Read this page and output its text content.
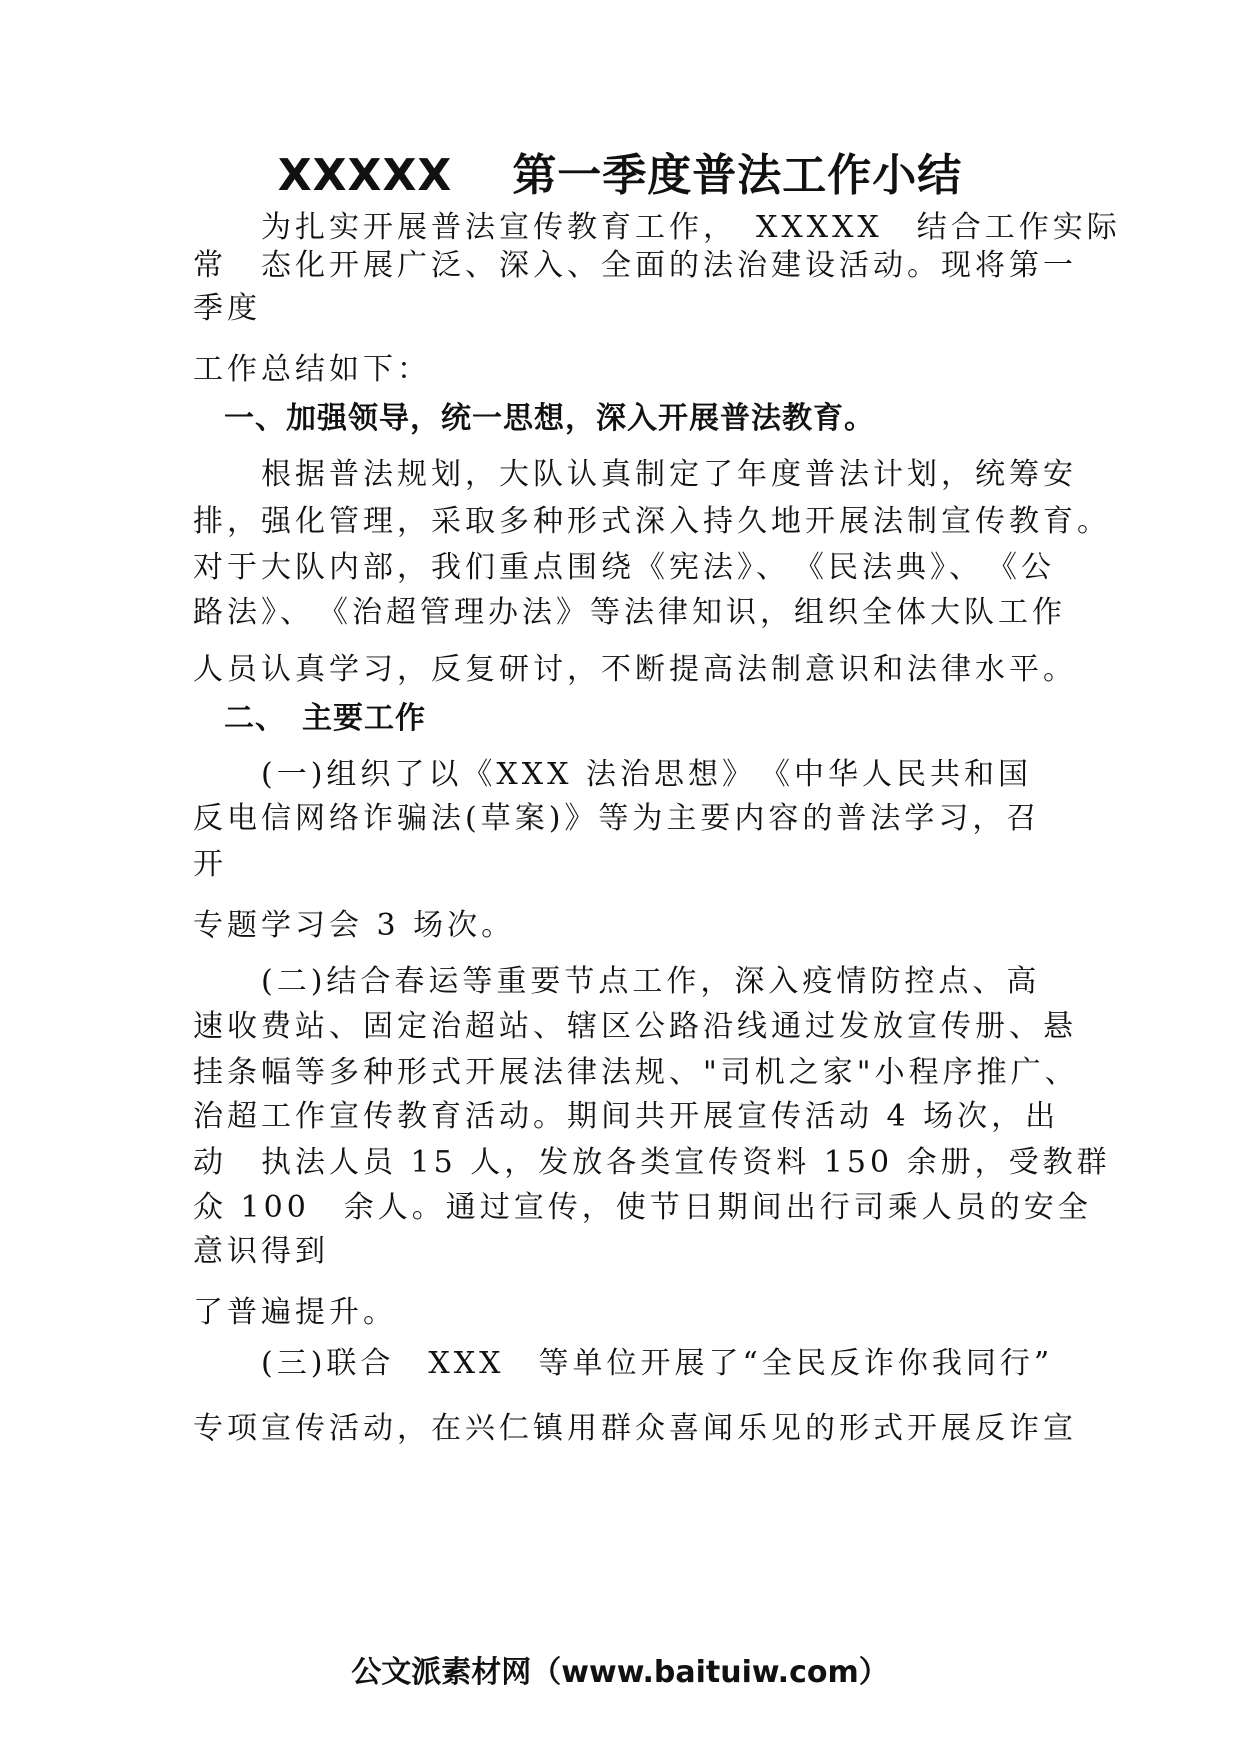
XXXXX 第一季度普法工作小结
　　为扎实开展普法宣传教育工作，　XXXXX　结合工作实际
常　态化开展广泛、深入、全面的法治建设活动。现将第一
季度
工作总结如下：
　一、加强领导，统一思想，深入开展普法教育。
　　根据普法规划，大队认真制定了年度普法计划，统筹安
排，强化管理，采取多种形式深入持久地开展法制宣传教育。
对于大队内部，我们重点围绕《宪法》、　《民法典》、　《公
路法》、　《治超管理办法》等法律知识，组织全体大队工作
人员认真学习，反复研讨，不断提高法制意识和法律水平。
　二、　主要工作
　　(一)组织了以《XXX 法治思想》　《中华人民共和国
反电信网络诈骗法(草案)》等为主要内容的普法学习，召
开
专题学习会 3 场次。
　　(二)结合春运等重要节点工作，深入疫情防控点、高
速收费站、固定治超站、辖区公路沿线通过发放宣传册、悬
挂条幅等多种形式开展法律法规、"司机之家"小程序推广、
治超工作宣传教育活动。期间共开展宣传活动 4 场次，出
动　执法人员 15 人，发放各类宣传资料 150 余册，受教群
众 100　余人。通过宣传，使节日期间出行司乘人员的安全
意识得到
了普遍提升。
　　(三)联合　XXX　等单位开展了“全民反诈你我同行”
专项宣传活动，在兴仁镇用群众喜闻乐见的形式开展反诈宣
公文派素材网（www.baituiw.com）
